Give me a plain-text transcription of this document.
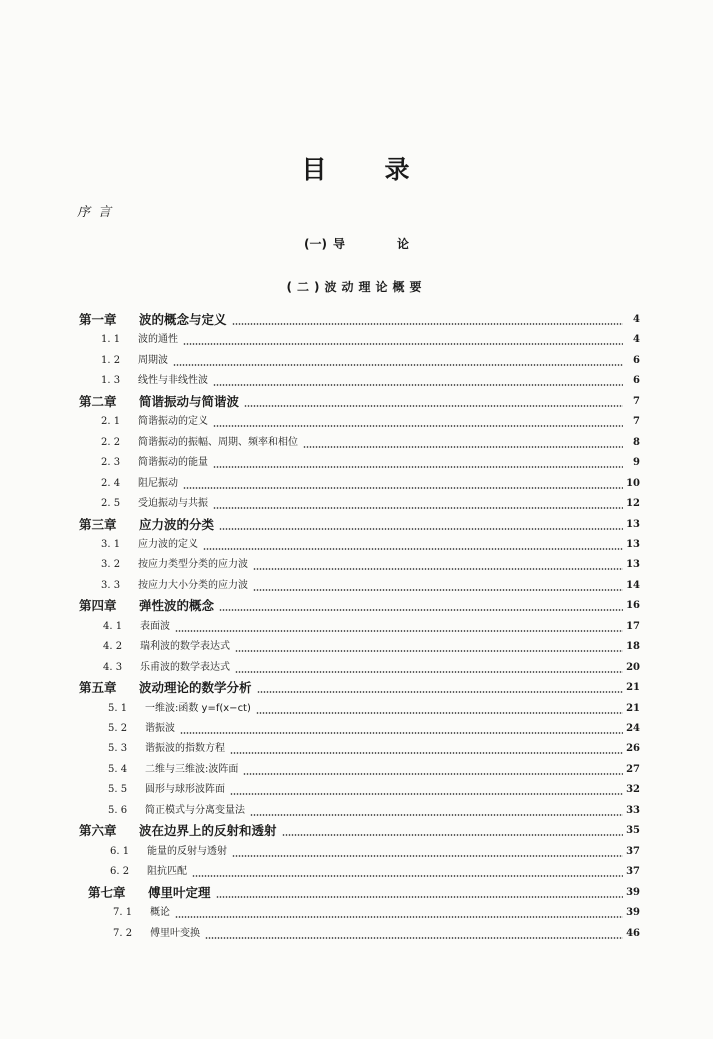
目 录
序言
(一) 导	论
(二)波动理论概要
第一章	波的概念与定义	4
1. 1	波的通性	4
1. 2	周期波	6
1. 3	线性与非线性波	6
第二章	简谐振动与简谐波	7
2. 1	简谐振动的定义	7
2. 2	简谐振动的振幅、周期、频率和相位	8
2. 3	简谐振动的能量	9
2. 4	阻尼振动	10
2. 5	受迫振动与共振	12
第三章	应力波的分类	13
3. 1	应力波的定义	13
3. 2	按应力类型分类的应力波	13
3. 3	按应力大小分类的应力波	14
第四章	弹性波的概念	16
4. 1	表面波	17
4. 2	瑞利波的数学表达式	18
4. 3	乐甫波的数学表达式	20
第五章	波动理论的数学分析	21
5. 1	一维波:函数 y=f(x−ct)	21
5. 2	谐振波	24
5. 3	谐振波的指数方程	26
5. 4	二维与三维波:波阵面	27
5. 5	圆形与球形波阵面	32
5. 6	简正模式与分离变量法	33
第六章	波在边界上的反射和透射	35
6. 1	能量的反射与透射	37
6. 2	阻抗匹配	37
第七章	傅里叶定理	39
7. 1	概论	39
7. 2	傅里叶变换	46
